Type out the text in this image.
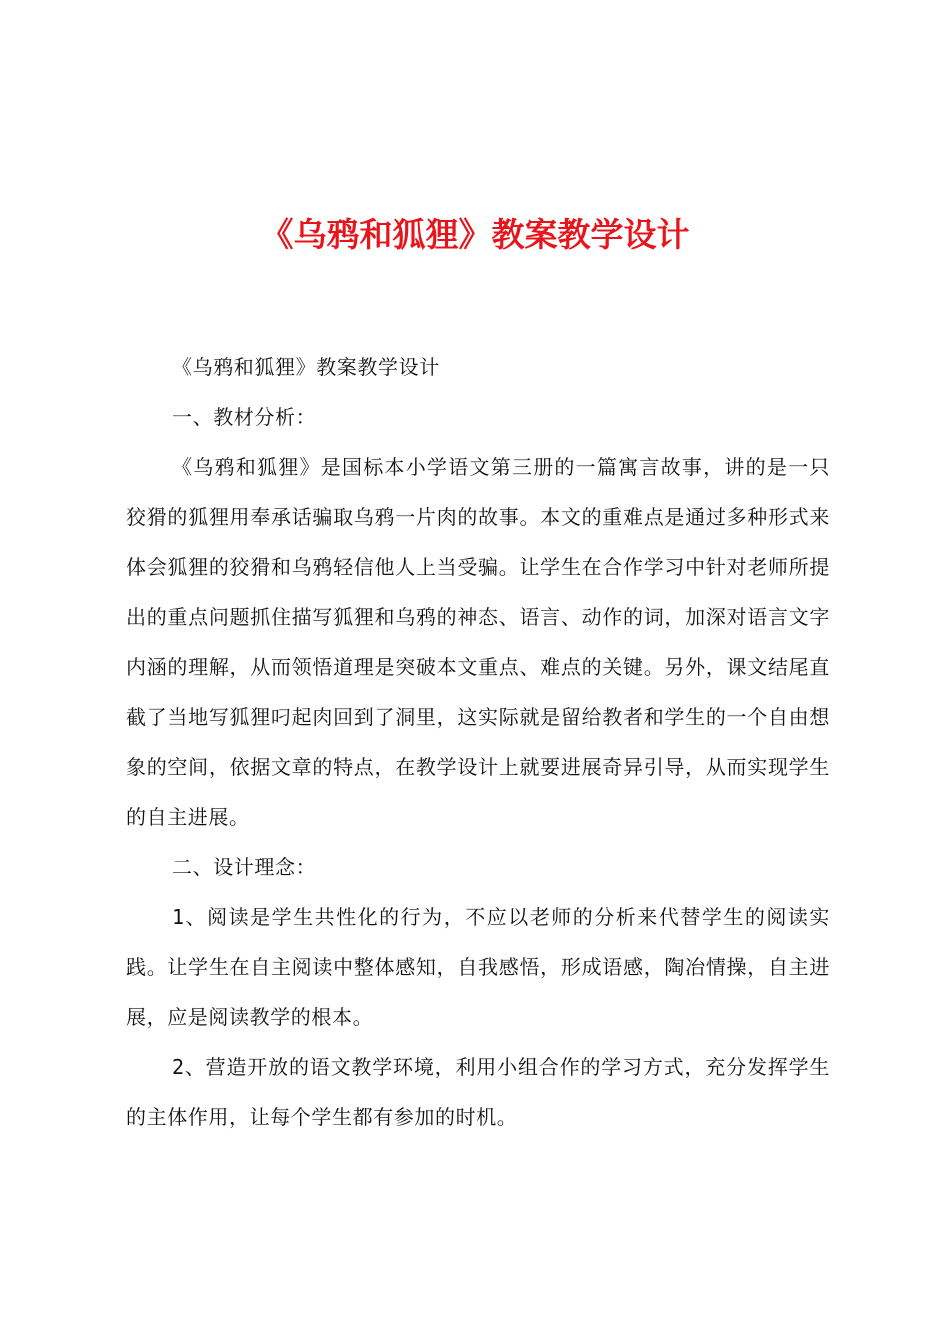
《乌鸦和狐狸》教案教学设计

《乌鸦和狐狸》教案教学设计

一、教材分析：

《乌鸦和狐狸》是国标本小学语文第三册的一篇寓言故事，讲的是一只狡猾的狐狸用奉承话骗取乌鸦一片肉的故事。本文的重难点是通过多种形式来体会狐狸的狡猾和乌鸦轻信他人上当受骗。让学生在合作学习中针对老师所提出的重点问题抓住描写狐狸和乌鸦的神态、语言、动作的词，加深对语言文字内涵的理解，从而领悟道理是突破本文重点、难点的关键。另外，课文结尾直截了当地写狐狸叼起肉回到了洞里，这实际就是留给教者和学生的一个自由想象的空间，依据文章的特点，在教学设计上就要进展奇异引导，从而实现学生的自主进展。

二、设计理念：

1、阅读是学生共性化的行为，不应以老师的分析来代替学生的阅读实践。让学生在自主阅读中整体感知，自我感悟，形成语感，陶冶情操，自主进展，应是阅读教学的根本。

2、营造开放的语文教学环境，利用小组合作的学习方式，充分发挥学生的主体作用，让每个学生都有参加的时机。
